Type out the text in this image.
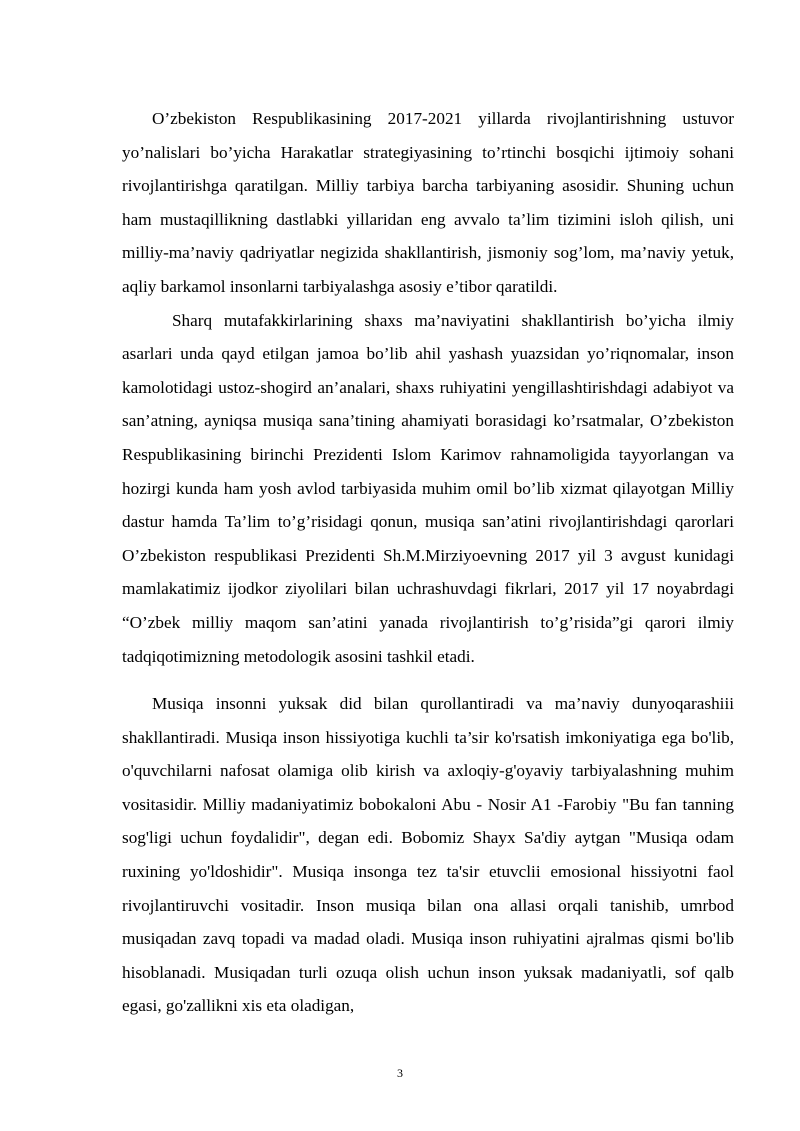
O’zbekiston Respublikasining 2017-2021 yillarda rivojlantirishning ustuvor yo’nalislari bo’yicha Harakatlar strategiyasining to’rtinchi bosqichi ijtimoiy sohani rivojlantirishga qaratilgan. Milliy tarbiya barcha tarbiyaning asosidir. Shuning uchun ham mustaqillikning dastlabki yillaridan eng avvalo ta’lim tizimini isloh qilish, uni milliy-ma’naviy qadriyatlar negizida shakllantirish, jismoniy sog’lom, ma’naviy yetuk, aqliy barkamol insonlarni tarbiyalashga asosiy e’tibor qaratildi.

Sharq mutafakkirlarining shaxs ma’naviyatini shakllantirish bo’yicha ilmiy asarlari unda qayd etilgan jamoa bo’lib ahil yashash yuazsidan yo’riqnomalar, inson kamolotidagi ustoz-shogird an’analari, shaxs ruhiyatini yengillashtirishdagi adabiyot va san’atning, ayniqsa musiqa sana’tining ahamiyati borasidagi ko’rsatmalar, O’zbekiston Respublikasining birinchi Prezidenti Islom Karimov rahnamoligida tayyorlangan va hozirgi kunda ham yosh avlod tarbiyasida muhim omil bo’lib xizmat qilayotgan Milliy dastur hamda Ta’lim to’g’risidagi qonun, musiqa san’atini rivojlantirishdagi qarorlari O’zbekiston respublikasi Prezidenti Sh.M.Mirziyoevning 2017 yil 3 avgust kunidagi mamlakatimiz ijodkor ziyolilari bilan uchrashuvdagi fikrlari, 2017 yil 17 noyabrdagi “O’zbek milliy maqom san’atini yanada rivojlantirish to’g’risida”gi qarori ilmiy tadqiqotimizning metodologik asosini tashkil etadi.

Musiqa insonni yuksak did bilan qurollantiradi va ma’naviy dunyoqarashiii shakllantiradi. Musiqa inson hissiyotiga kuchli ta’sir ko'rsatish imkoniyatiga ega bo'lib, o'quvchilarni nafosat olamiga olib kirish va axloqiy-g'oyaviy tarbiyalashning muhim vositasidir. Milliy madaniyatimiz bobokaloni Abu - Nosir A1 -Farobiy "Bu fan tanning sog'ligi uchun foydalidir", degan edi. Bobomiz Shayx Sa'diy aytgan "Musiqa odam ruxining yo'ldoshidir". Musiqa insonga tez ta'sir etuvclii emosional hissiyotni faol rivojlantiruvchi vositadir. Inson musiqa bilan ona allasi orqali tanishib, umrbod musiqadan zavq topadi va madad oladi. Musiqa inson ruhiyatini ajralmas qismi bo'lib hisoblanadi. Musiqadan turli ozuqa olish uchun inson yuksak madaniyatli, sof qalb egasi, go'zallikni xis eta oladigan,

3
